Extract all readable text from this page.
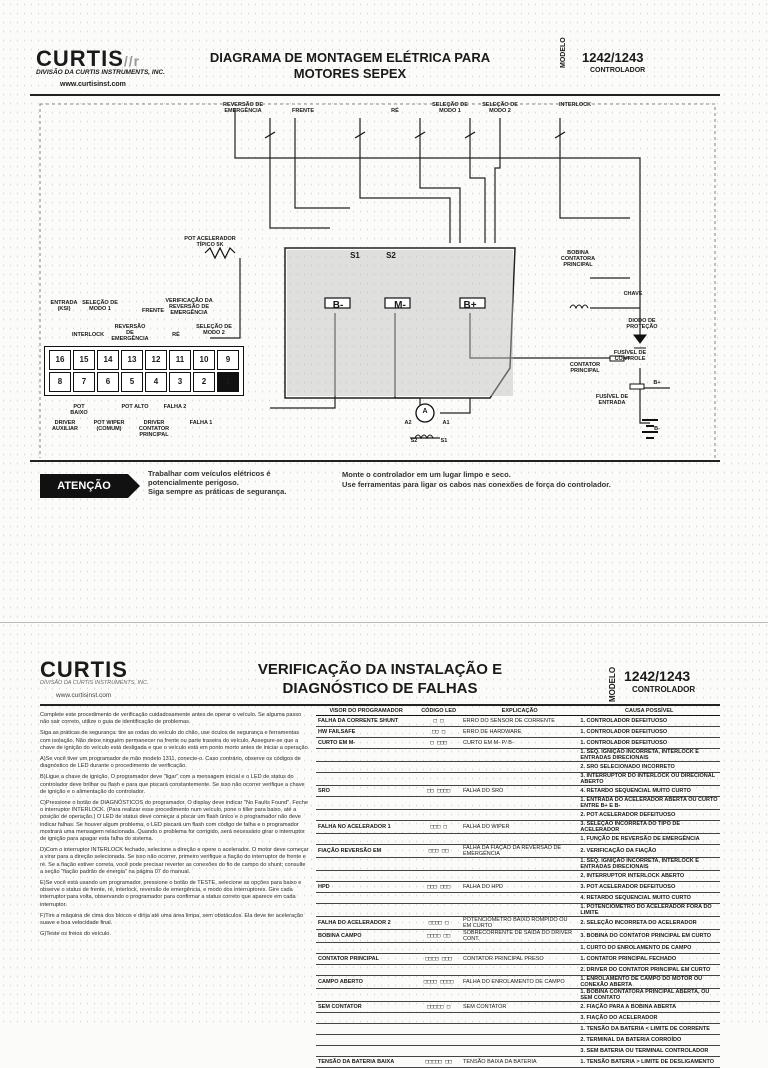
CURTIS//r
DIVISÃO DA CURTIS INSTRUMENTS, INC.
www.curtisinst.com
DIAGRAMA DE MONTAGEM ELÉTRICA PARA
MOTORES SEPEX
MODELO 1242/1243
CONTROLADOR
REVERSÃO DE EMERGÊNCIA	FRENTE	RÉ
SELEÇÃO DE MODO 1
SELEÇÃO DE MODO 2
INTERLOCK
POT ACELERADOR TÍPICO 5K
S1	S2
B-	M-	B+
BOBINA CONTATORA PRINCIPAL
CHAVE
DIODO DE PROTEÇÃO
FUSÍVEL DE CONTROLE
CONTATOR PRINCIPAL
FUSÍVEL DE ENTRADA
B+
B-
A
A1
A2
S1
S2
ENTRADA (KSI)
SELEÇÃO DE MODO 1
INTERLOCK
REVERSÃO DE EMERGÊNCIA
FRENTE
VERIFICAÇÃO DA REVERSÃO DE EMERGÊNCIA
RÉ
SELEÇÃO DE MODO 2
16	15	14	13	12	11	10	9
8	7	6	5	4	3	2	1
POT BAIXO
POT ALTO	FALHA 2
DRIVER AUXILIAR
POT WIPER (COMUM)
DRIVER CONTATOR PRINCIPAL
FALHA 1
ATENÇÃO
Trabalhar com veículos elétricos é
potencialmente perigoso.
Siga sempre as práticas de segurança.
Monte o controlador em um lugar limpo e seco.
Use ferramentas para ligar os cabos nas conexões de força do controlador.
CURTIS
DIVISÃO DA CURTIS INSTRUMENTS, INC.
www.curtisinst.com
VERIFICAÇÃO DA INSTALAÇÃO E
DIAGNÓSTICO DE FALHAS	MODELO 1242/1243
CONTROLADOR
Complete este procedimento de verificação cuidadosamente antes de operar o veículo. Se alguma passo não sair correto, utilize o guia de identificação de problemas.
Siga as práticas de segurança: tire as rodas do veículo do chão, use óculos de segurança e ferramentas com isolação. Não deixe ninguém permanecer na frente ou parte traseira do veículo. Assegure-se que a chave de ignição do veículo está desligada e que o veículo está em ponto morto antes de iniciar a operação.
A)Se você tiver um programador de mão modelo 1311, conecte-o. Caso contrário, observe os códigos de diagnóstico de LED durante o procedimento de verificação.
B)Ligue a chave de ignição. O programador deve "ligar" com a mensagem inicial e o LED de status do controlador deve brilhar ou flash e para que piscará constantemente. Se isso não ocorrer verifique a chave de ignição e o alimentação do controlador.
C)Pressione o botão de DIAGNÓSTICOS do programador. O display deve indicar "No Faults Found". Feche o interruptor INTERLOCK. (Para realizar esse procedimento num veículo, pone o tiller para baixo, até a posição de operação.) O LED de status deve começar a piscar um flash único e o programador não deve indicar falhas. Se houver algum problema, o LED piscará um flash com código de falha e o programador mostrará uma mensagem relacionada. Quando o problema for corrigido, será necessário girar o interruptor de ignição para apagar esta falha do sistema.
D)Com o interruptor INTERLOCK fechado, selecione a direção e opere o acelerador. O motor deve começar a virar para a direção selecionada. Se isso não ocorrer, primeiro verifique a fiação do interruptor de frente e ré. Se a fiação estiver correta, você pode precisar reverter as conexões do fio de campo do shunt; consulte a seção "fiação padrão de energia" na página 07 do manual.
E)Se você está usando um programador, pressione o botão de TESTE, selecione as opções para baixo e observe o status de frente, ré, interlock, reversão de emergência, e modo dos interruptores. Gire cada interruptor para volta, observando o programador para confirmar a status correto que aparece em cada interruptor.
F)Tire a máquina de cima dos blocos e dirija até uma área limpa, sem obstáculos. Ela deve ter aceleração suave e boa velocidade final.
G)Teste os freios do veículo.
VISOR DO PROGRAMADOR	CÓDIGO LED	EXPLICAÇÃO	CAUSA POSSÍVEL
FALHA DA CORRENTE SHUNT	□ □	ERRO DO SENSOR DE CORRENTE	1. CONTROLADOR DEFEITUOSO
HW FAILSAFE	□□ □	ERRO DE HARDWARE	1. CONTROLADOR DEFEITUOSO
CURTO EM M-	□ □□□	CURTO EM M- P/ B-	1. CONTROLADOR DEFEITUOSO
			1. SEQ. IGNIÇÃO INCORRETA, INTERLOCK E ENTRADAS DIRECIONAIS
			2. SRO SELECIONADO INCORRETO
			3. INTERRUPTOR DO INTERLOCK OU DIRECIONAL ABERTO
SRO	□□ □□□□	FALHA DO SRO	4. RETARDO SEQUENCIAL MUITO CURTO
			1. ENTRADA DO ACELERADOR ABERTA OU CURTO ENTRE B+ E B-
			2. POT ACELERADOR DEFEITUOSO
FALHA NO ACELERADOR 1	□□□ □	FALHA DO WIPER	3. SELEÇÃO INCORRETA DO TIPO DE ACELERADOR
			1. FUNÇÃO DE REVERSÃO DE EMERGÊNCIA
FIAÇÃO REVERSÃO EM	□□□ □□	FALHA DA FIAÇÃO DA REVERSÃO DE EMERGÊNCIA	2. VERIFICAÇÃO DA FIAÇÃO
			1. SEQ. IGNIÇÃO INCORRETA, INTERLOCK E ENTRADAS DIRECIONAIS
			2. INTERRUPTOR INTERLOCK ABERTO
HPD	□□□ □□□	FALHA DO HPD	3. POT ACELERADOR DEFEITUOSO
			4. RETARDO SEQUENCIAL MUITO CURTO
			1. POTENCIÔMETRO DO ACELERADOR FORA DO LIMITE
FALHA DO ACELERADOR 2	□□□□ □	POTENCIÔMETRO BAIXO ROMPIDO OU EM CURTO	2. SELEÇÃO INCORRETA DO ACELERADOR
BOBINA CAMPO	□□□□ □□	SOBRECORRENTE DE SAÍDA DO DRIVER CONT.	3. BOBINA DO CONTATOR PRINCIPAL EM CURTO
			1. CURTO DO ENROLAMENTO DE CAMPO
CONTATOR PRINCIPAL	□□□□ □□□	CONTATOR PRINCIPAL PRESO	1. CONTATOR PRINCIPAL FECHADO
			2. DRIVER DO CONTATOR PRINCIPAL EM CURTO
CAMPO ABERTO	□□□□ □□□□	FALHA DO ENROLAMENTO DE CAMPO	1. ENROLAMENTO DE CAMPO DO MOTOR OU CONEXÃO ABERTA
			1. BOBINA CONTATORA PRINCIPAL ABERTA, OU SEM CONTATO
SEM CONTATOR	□□□□□ □	SEM CONTATOR	2. FIAÇÃO PARA A BOBINA ABERTA
			3. FIAÇÃO DO ACELERADOR
			1. TENSÃO DA BATERIA < LIMITE DE CORRENTE
			2. TERMINAL DA BATERIA CORROÍDO
			3. SEM BATERIA OU TERMINAL CONTROLADOR
TENSÃO DA BATERIA BAIXA	□□□□□ □□	TENSÃO BAIXA DA BATERIA	1. TENSÃO BATERIA > LIMITE DE DESLIGAMENTO
